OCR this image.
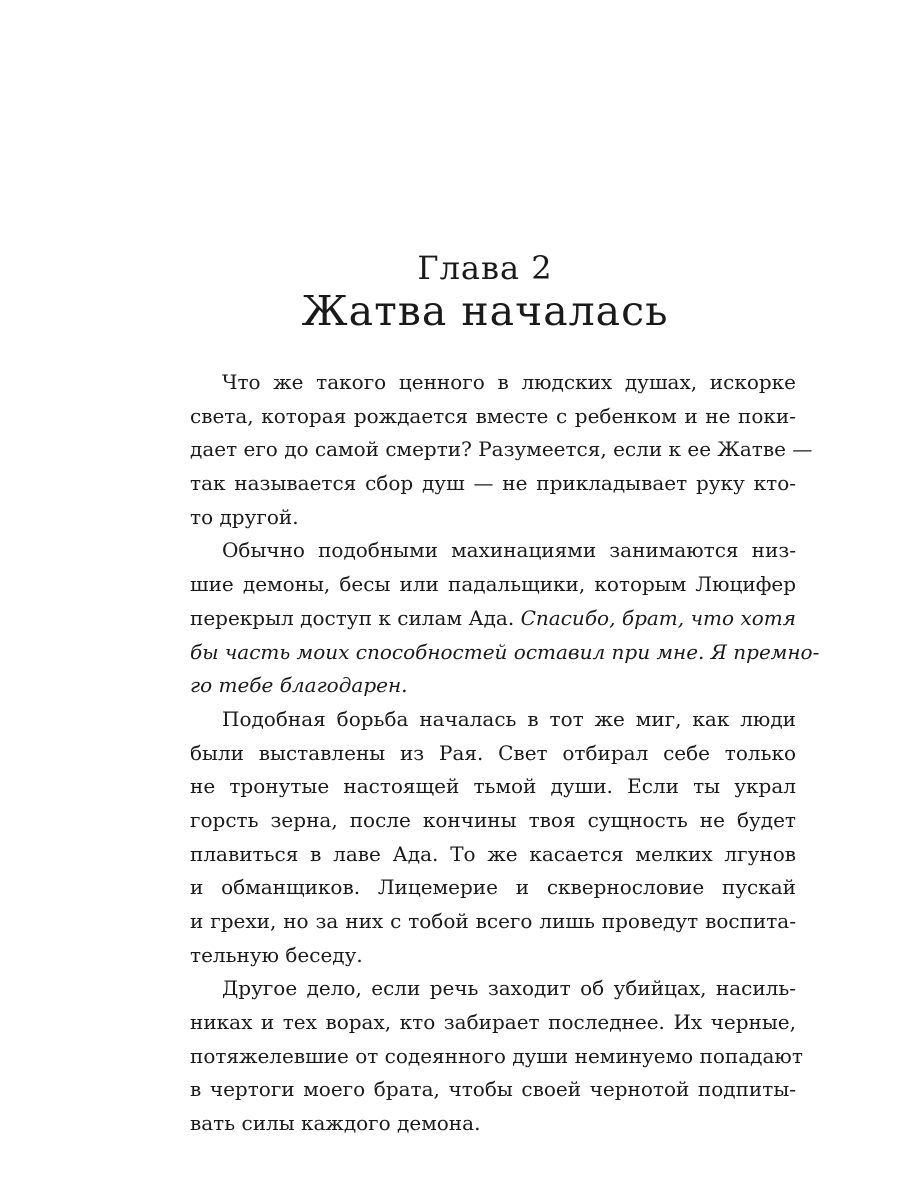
Глава 2
Жатва началась
Что же такого ценного в людских душах, искорке
света, которая рождается вместе с ребенком и не поки-
дает его до самой смерти? Разумеется, если к ее Жатве —
так называется сбор душ — не прикладывает руку кто-
то другой.
Обычно подобными махинациями занимаются низ-
шие демоны, бесы или падальщики, которым Люцифер
перекрыл доступ к силам Ада. Спасибо, брат, что хотя
бы часть моих способностей оставил при мне. Я премно-
го тебе благодарен.
Подобная борьба началась в тот же миг, как люди
были выставлены из Рая. Свет отбирал себе только
не тронутые настоящей тьмой души. Если ты украл
горсть зерна, после кончины твоя сущность не будет
плавиться в лаве Ада. То же касается мелких лгунов
и обманщиков. Лицемерие и сквернословие пускай
и грехи, но за них с тобой всего лишь проведут воспита-
тельную беседу.
Другое дело, если речь заходит об убийцах, насиль-
никах и тех ворах, кто забирает последнее. Их черные,
потяжелевшие от содеянного души неминуемо попадают
в чертоги моего брата, чтобы своей чернотой подпиты-
вать силы каждого демона.
